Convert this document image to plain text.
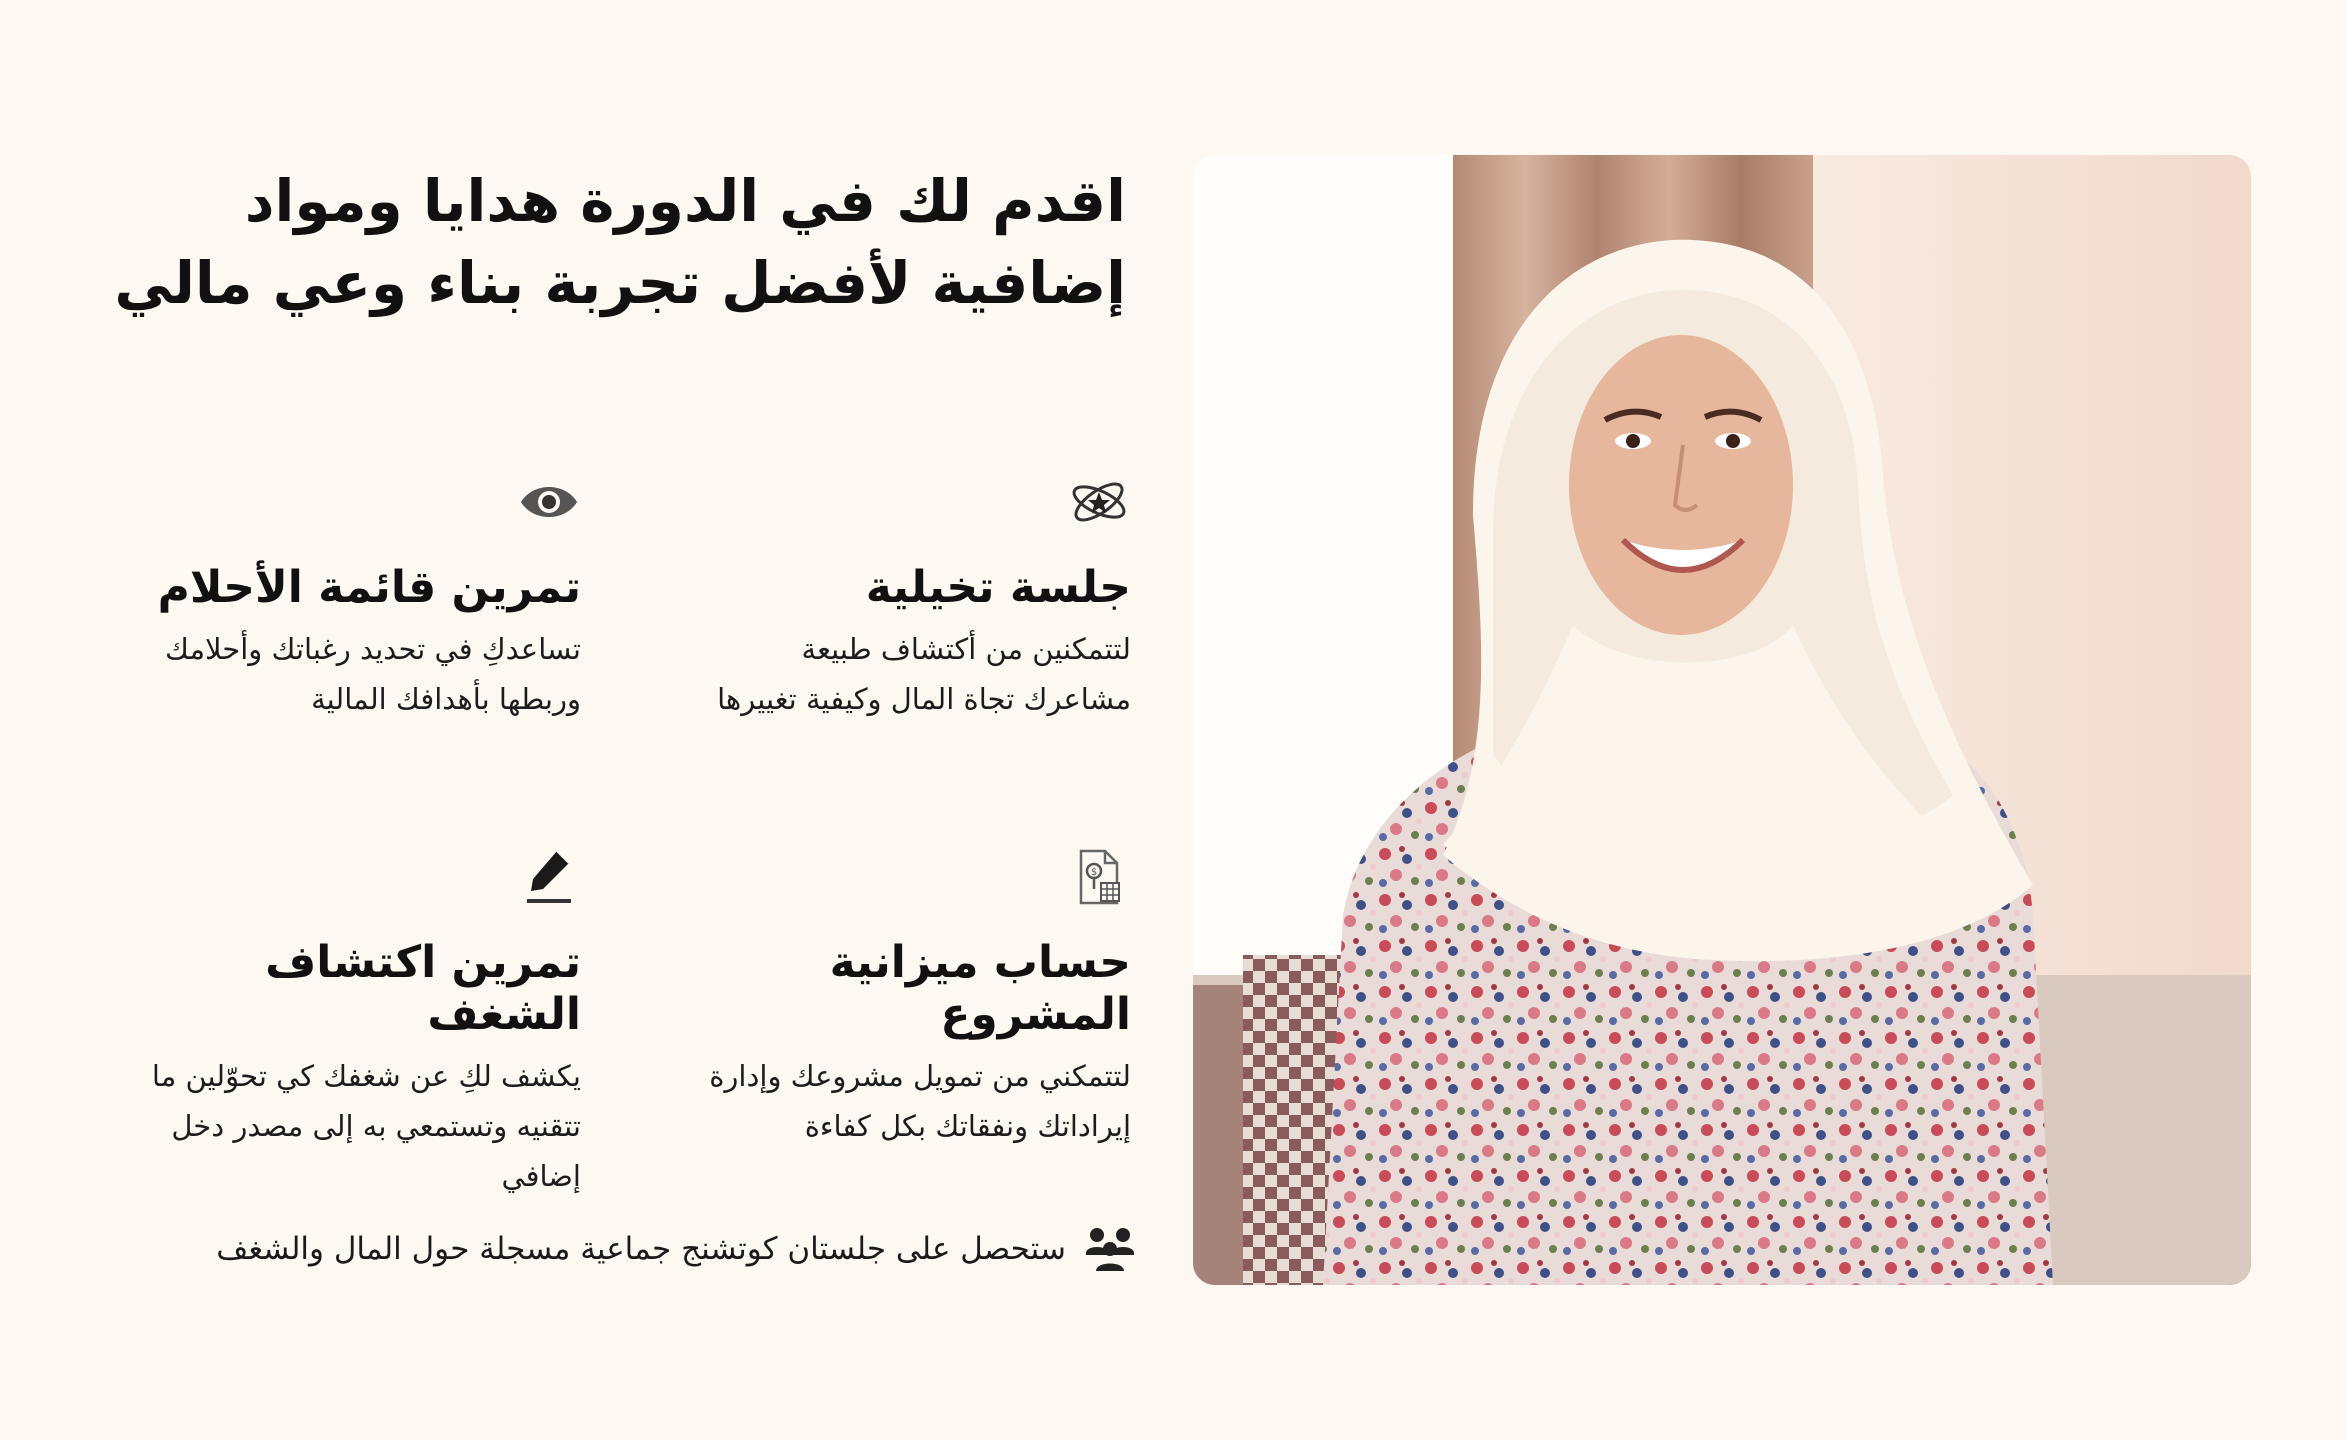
اقدم لك في الدورة هدايا ومواد إضافية لأفضل تجربة بناء وعي مالي
جلسة تخيلية

لتتمكنين من أكتشاف طبيعة مشاعرك تجاة المال وكيفية تغييرها

تمرين قائمة الأحلام

تساعدكِ في تحديد رغباتك وأحلامك وربطها بأهدافك المالية

$
حساب ميزانية المشروع

لتتمكني من تمويل مشروعك وإدارة إيراداتك ونفقاتك بكل كفاءة

تمرين اكتشاف الشغف

يكشف لكِ عن شغفك كي تحوّلين ما تتقنيه وتستمعي به إلى مصدر دخل إضافي

ستحصل على جلستان كوتشنج جماعية مسجلة حول المال والشغف
